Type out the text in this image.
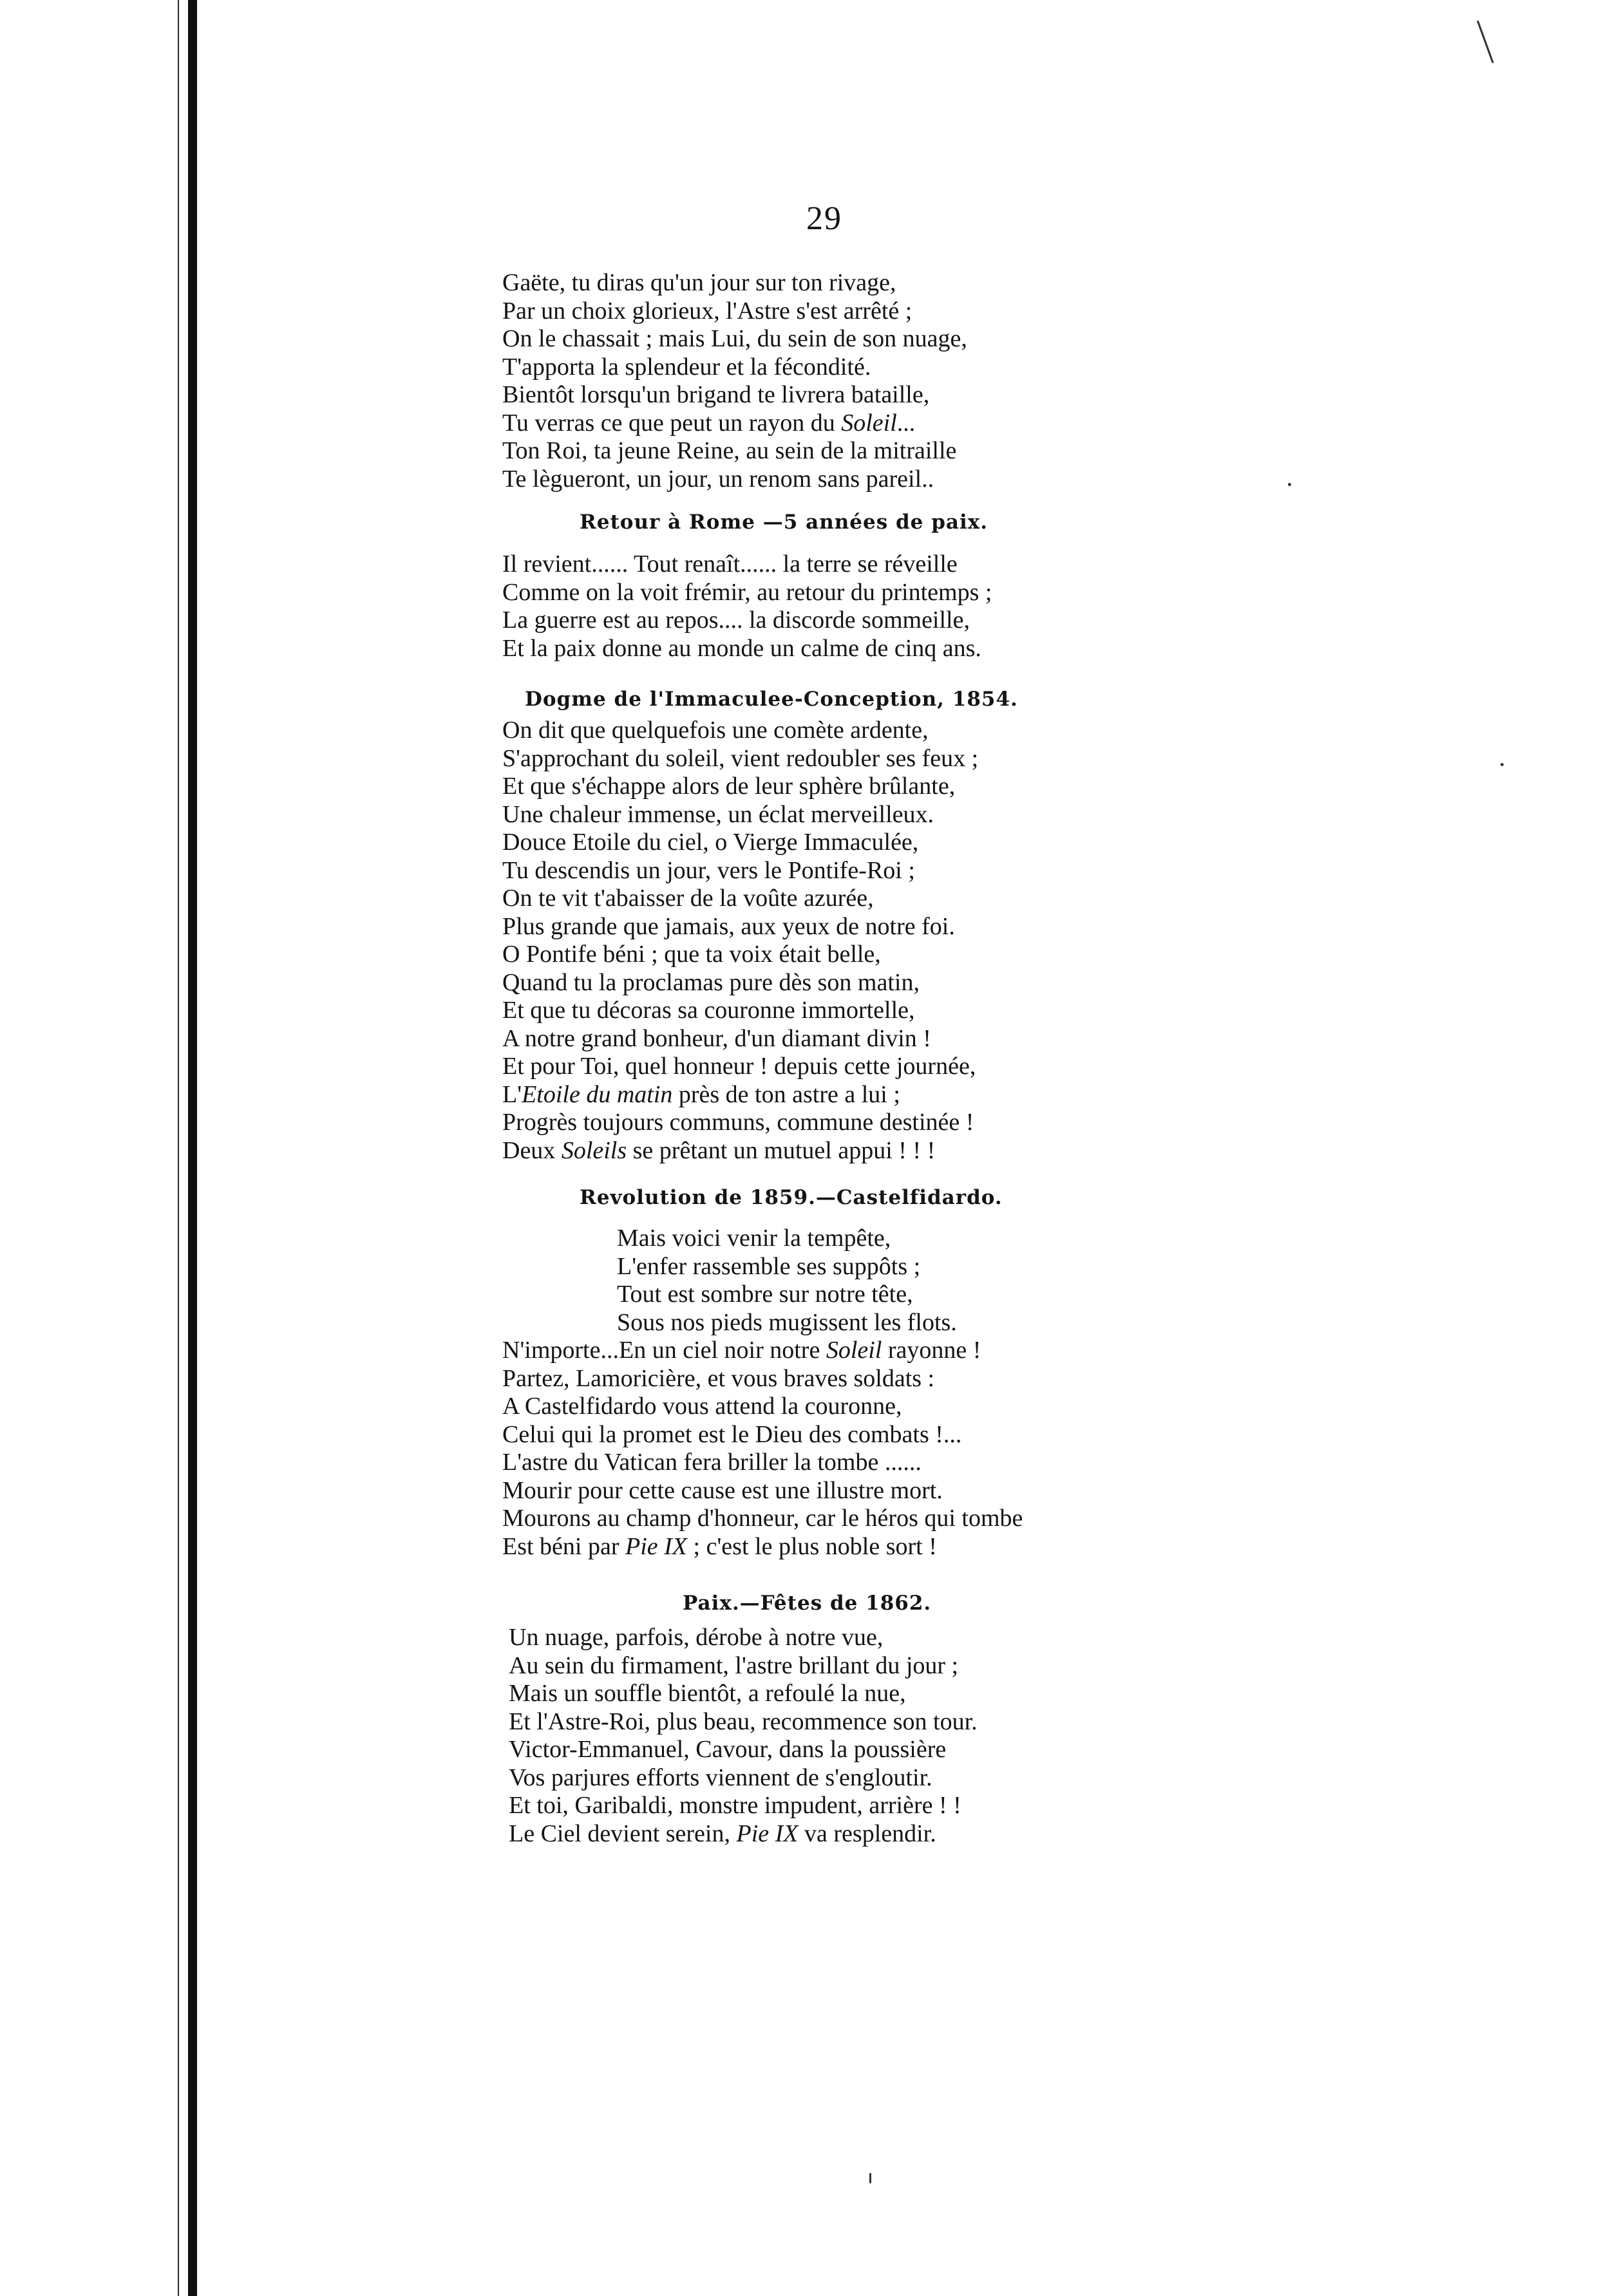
29
Gaëte, tu diras qu'un jour sur ton rivage,
Par un choix glorieux, l'Astre s'est arrêté ;
On le chassait ; mais Lui, du sein de son nuage,
T'apporta la splendeur et la fécondité.
Bientôt lorsqu'un brigand te livrera bataille,
Tu verras ce que peut un rayon du Soleil...
Ton Roi, ta jeune Reine, au sein de la mitraille
Te lègueront, un jour, un renom sans pareil..
Retour à Rome —5 années de paix.
Il revient...... Tout renaît...... la terre se réveille
Comme on la voit frémir, au retour du printemps ;
La guerre est au repos.... la discorde sommeille,
Et la paix donne au monde un calme de cinq ans.
Dogme de l'Immaculee-Conception, 1854.
On dit que quelquefois une comète ardente,
S'approchant du soleil, vient redoubler ses feux ;
Et que s'échappe alors de leur sphère brûlante,
Une chaleur immense, un éclat merveilleux.
Douce Etoile du ciel, o Vierge Immaculée,
Tu descendis un jour, vers le Pontife-Roi ;
On te vit t'abaisser de la voûte azurée,
Plus grande que jamais, aux yeux de notre foi.
O Pontife béni ; que ta voix était belle,
Quand tu la proclamas pure dès son matin,
Et que tu décoras sa couronne immortelle,
A notre grand bonheur, d'un diamant divin !
Et pour Toi, quel honneur ! depuis cette journée,
L'Etoile du matin près de ton astre a lui ;
Progrès toujours communs, commune destinée !
Deux Soleils se prêtant un mutuel appui ! ! !
Revolution de 1859.—Castelfidardo.
Mais voici venir la tempête,
L'enfer rassemble ses suppôts ;
Tout est sombre sur notre tête,
Sous nos pieds mugissent les flots.
N'importe...En un ciel noir notre Soleil rayonne !
Partez, Lamoricière, et vous braves soldats :
A Castelfidardo vous attend la couronne,
Celui qui la promet est le Dieu des combats !...
L'astre du Vatican fera briller la tombe ......
Mourir pour cette cause est une illustre mort.
Mourons au champ d'honneur, car le héros qui tombe
Est béni par Pie IX ; c'est le plus noble sort !
Paix.—Fêtes de 1862.
Un nuage, parfois, dérobe à notre vue,
Au sein du firmament, l'astre brillant du jour ;
Mais un souffle bientôt, a refoulé la nue,
Et l'Astre-Roi, plus beau, recommence son tour.
Victor-Emmanuel, Cavour, dans la poussière
Vos parjures efforts viennent de s'engloutir.
Et toi, Garibaldi, monstre impudent, arrière ! !
Le Ciel devient serein, Pie IX va resplendir.
